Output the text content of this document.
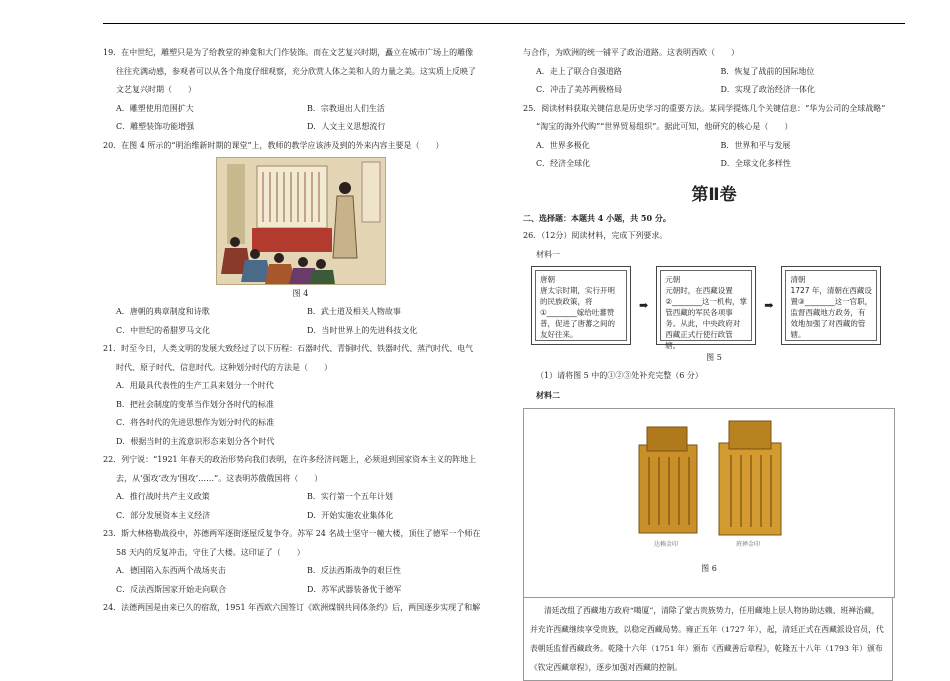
19．在中世纪，雕塑只是为了给教堂的神龛和大门作装饰。而在文艺复兴时期，矗立在城市广场上的雕像

往往充满动感，参观者可以从各个角度仔细观察，充分欣赏人体之美和人的力量之美。这实质上反映了

文艺复兴时期（　　）

A．雕塑使用范围扩大	B．宗教退出人们生活
C．雕塑装饰功能增强	D．人文主义思想流行

20．在图 4 所示的“明治维新时期的课堂”上，教师的教学应该涉及到的外来内容主要是（　　）

图 4
A．唐朝的典章制度和诗歌	B．武士道及相关人物故事
C．中世纪的希腊罗马文化	D．当时世界上的先进科技文化

21．时至今日，人类文明的发展大致经过了以下历程：石器时代、青铜时代、铁器时代、蒸汽时代、电气

时代、原子时代、信息时代。这种划分时代的方法是（　　）

A．用最具代表性的生产工具来划分一个时代
B．把社会制度的变革当作划分各时代的标准
C．将各时代的先进思想作为划分时代的标准
D．根据当时的主流意识形态来划分各个时代

22．列宁说：“1921 年春天的政治形势向我们表明，在许多经济问题上，必须退到国家资本主义的阵地上

去，从‘强攻’改为‘围攻’……”。这表明苏俄俄国将（　　）

A．推行战时共产主义政策	B．实行第一个五年计划
C．部分发展资本主义经济	D．开始实施农业集体化

23．斯大林格勒战役中，苏德两军逐街逐屋反复争夺。苏军 24 名战士坚守一幢大楼，顶住了德军一个师在

58 天内的反复冲击，守住了大楼。这印证了（　　）

A．德国陷入东西两个战场夹击	B．反法西斯战争的艰巨性
C．反法西斯国家开始走向联合	D．苏军武器装备优于德军

24．法德两国是由来已久的宿敌，1951 年西欧六国签订《欧洲煤钢共同体条约》后，两国逐步实现了和解

与合作，为欧洲的统一铺平了政治道路。这表明西欧（　　）

A．走上了联合自强道路	B．恢复了战前的国际地位
C．冲击了美苏两极格局	D．实现了政治经济一体化

25．阅读材料获取关键信息是历史学习的重要方法。某同学提炼几个关键信息：“华为公司的全球战略”

“淘宝的海外代购”“世界贸易组织”。据此可知，他研究的核心是（　　）

A．世界多极化	B．世界和平与发展
C．经济全球化	D．全球文化多样性
第Ⅱ卷

二、选择题：本题共 4 小题，共 50 分。

26．（12分）阅读材料，完成下列要求。

材料一

唐朝
唐太宗时期，实行开明的民族政策，将①________嫁给吐蕃赞普，促进了唐蕃之间的友好往来。
➡
元朝
元朝时，在西藏设置②________这一机构，掌管西藏的军民各项事务。从此，中央政府对西藏正式行使行政管辖。
➡
清朝
1727 年，清朝在西藏设置③________这一官职，监督西藏地方政务，有效地加强了对西藏的管辖。
图 5

（1）请将图 5 中的①②③处补充完整（6 分）

材料二

达赖金印	班禅金印
图 6
清廷改组了西藏地方政府“噶厦”，清除了蒙古贵族势力，任用藏地上层人物协助达赖、班禅治藏，并充许西藏继续享受贵族，以稳定西藏局势。雍正五年（1727 年），起，清廷正式在西藏派设官员，代表朝廷监督西藏政务。乾隆十六年（1751 年）颁布《西藏善后章程》，乾隆五十八年（1793 年）颁布《钦定西藏章程》，逐步加强对西藏的控制。
